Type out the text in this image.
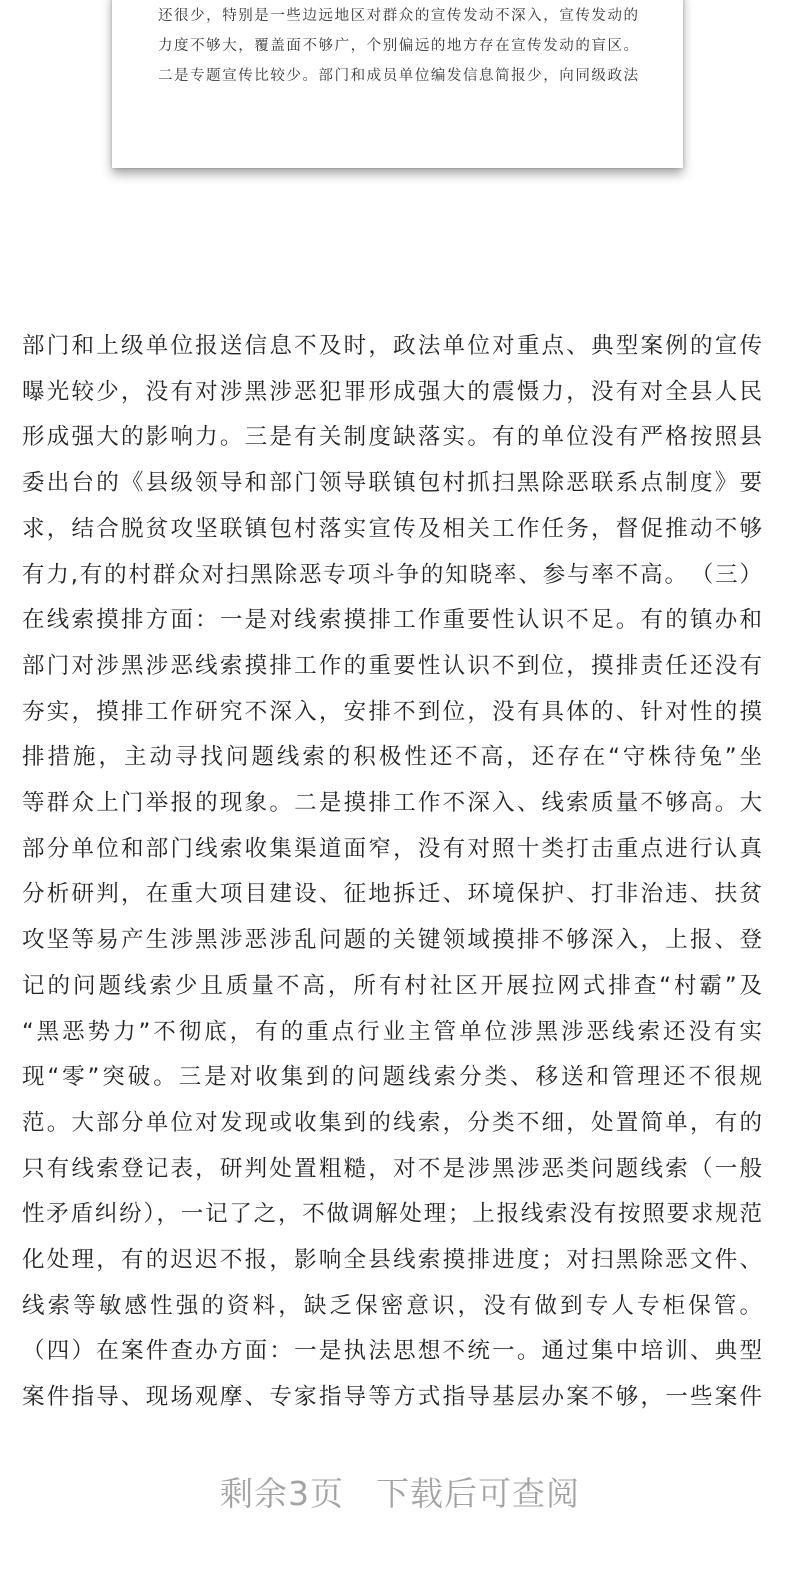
还很少，特别是一些边远地区对群众的宣传发动不深入，宣传发动的
力度不够大，覆盖面不够广，个别偏远的地方存在宣传发动的盲区。
二是专题宣传比较少。部门和成员单位编发信息简报少，向同级政法
部门和上级单位报送信息不及时，政法单位对重点、典型案例的宣传
曝光较少，没有对涉黑涉恶犯罪形成强大的震慑力，没有对全县人民
形成强大的影响力。三是有关制度缺落实。有的单位没有严格按照县
委出台的《县级领导和部门领导联镇包村抓扫黑除恶联系点制度》要
求，结合脱贫攻坚联镇包村落实宣传及相关工作任务，督促推动不够
有力,有的村群众对扫黑除恶专项斗争的知晓率、参与率不高。　（三）
在线索摸排方面：一是对线索摸排工作重要性认识不足。有的镇办和
部门对涉黑涉恶线索摸排工作的重要性认识不到位，摸排责任还没有
夯实，摸排工作研究不深入，安排不到位，没有具体的、针对性的摸
排措施，主动寻找问题线索的积极性还不高，还存在“守株待兔”坐
等群众上门举报的现象。二是摸排工作不深入、线索质量不够高。大
部分单位和部门线索收集渠道面窄，没有对照十类打击重点进行认真
分析研判，在重大项目建设、征地拆迁、环境保护、打非治违、扶贫
攻坚等易产生涉黑涉恶涉乱问题的关键领域摸排不够深入，上报、登
记的问题线索少且质量不高，所有村社区开展拉网式排查“村霸”及
“黑恶势力”不彻底，有的重点行业主管单位涉黑涉恶线索还没有实
现“零”突破。三是对收集到的问题线索分类、移送和管理还不很规
范。大部分单位对发现或收集到的线索，分类不细，处置简单，有的
只有线索登记表，研判处置粗糙，对不是涉黑涉恶类问题线索（一般
性矛盾纠纷），一记了之，不做调解处理；上报线索没有按照要求规范
化处理，有的迟迟不报，影响全县线索摸排进度；对扫黑除恶文件、
线索等敏感性强的资料，缺乏保密意识，没有做到专人专柜保管。
（四）在案件查办方面：一是执法思想不统一。通过集中培训、典型
案件指导、现场观摩、专家指导等方式指导基层办案不够，一些案件
剩余3页 下载后可查阅
